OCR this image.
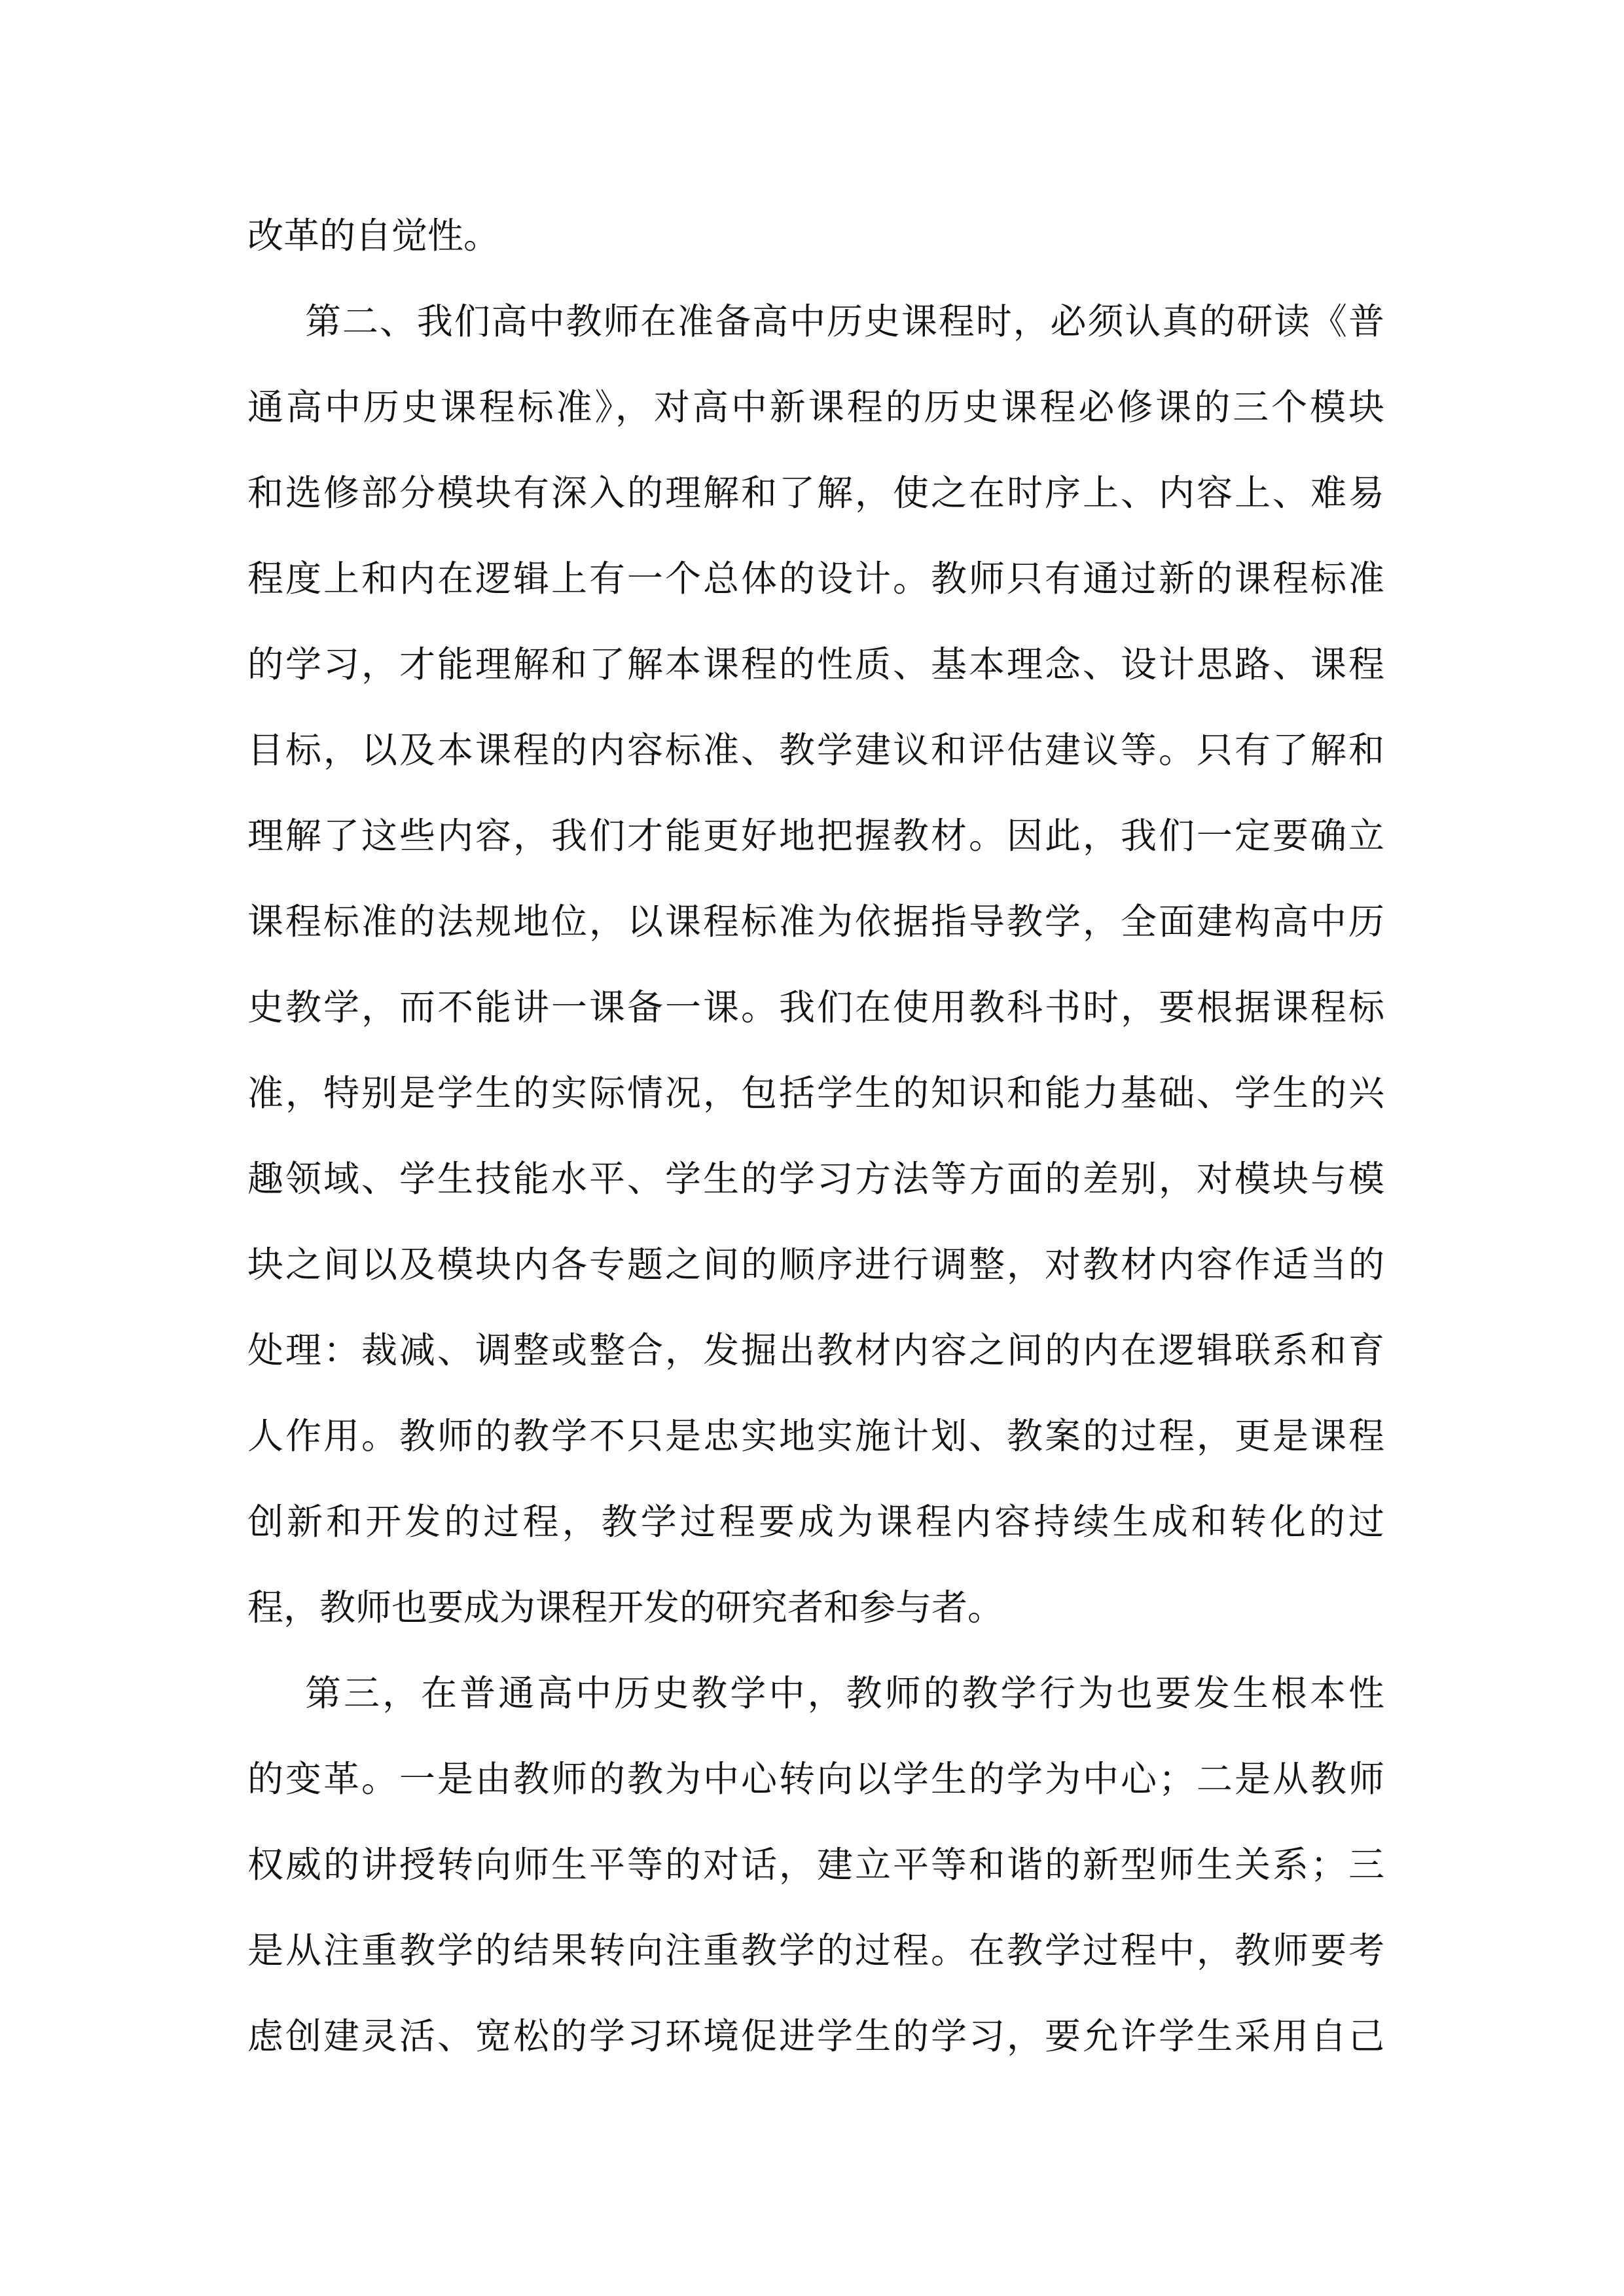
改革的自觉性。
第二、我们高中教师在准备高中历史课程时，必须认真的研读《普
通高中历史课程标准》，对高中新课程的历史课程必修课的三个模块
和选修部分模块有深入的理解和了解，使之在时序上、内容上、难易
程度上和内在逻辑上有一个总体的设计。教师只有通过新的课程标准
的学习，才能理解和了解本课程的性质、基本理念、设计思路、课程
目标，以及本课程的内容标准、教学建议和评估建议等。只有了解和
理解了这些内容，我们才能更好地把握教材。因此，我们一定要确立
课程标准的法规地位，以课程标准为依据指导教学，全面建构高中历
史教学，而不能讲一课备一课。我们在使用教科书时，要根据课程标
准，特别是学生的实际情况，包括学生的知识和能力基础、学生的兴
趣领域、学生技能水平、学生的学习方法等方面的差别，对模块与模
块之间以及模块内各专题之间的顺序进行调整，对教材内容作适当的
处理：裁减、调整或整合，发掘出教材内容之间的内在逻辑联系和育
人作用。教师的教学不只是忠实地实施计划、教案的过程，更是课程
创新和开发的过程，教学过程要成为课程内容持续生成和转化的过
程，教师也要成为课程开发的研究者和参与者。
第三，在普通高中历史教学中，教师的教学行为也要发生根本性
的变革。一是由教师的教为中心转向以学生的学为中心；二是从教师
权威的讲授转向师生平等的对话，建立平等和谐的新型师生关系；三
是从注重教学的结果转向注重教学的过程。在教学过程中，教师要考
虑创建灵活、宽松的学习环境促进学生的学习，要允许学生采用自己
